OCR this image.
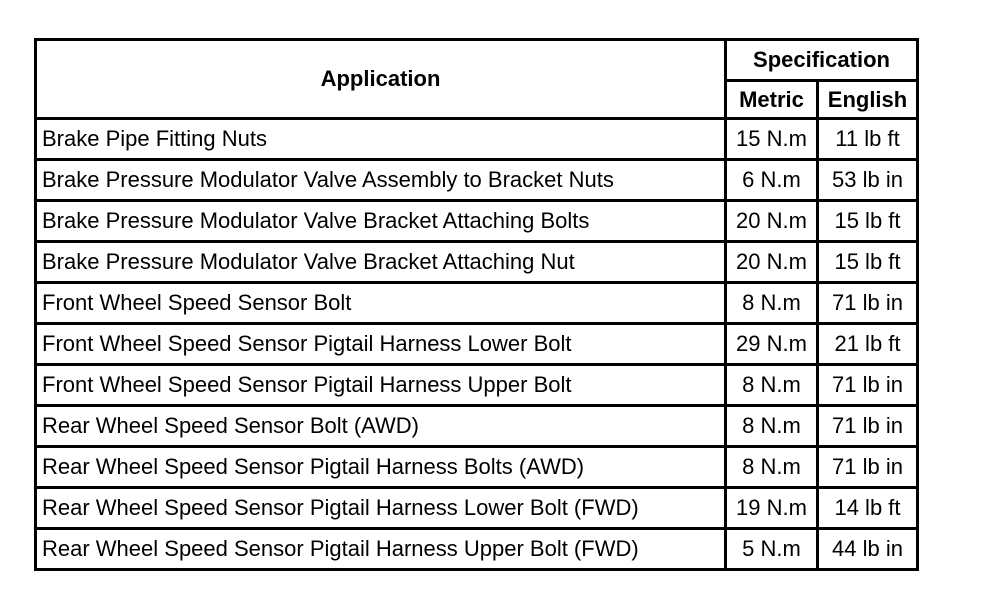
Application	Specification	
	Metric	English
Brake Pipe Fitting Nuts	15 N.m	11 lb ft
Brake Pressure Modulator Valve Assembly to Bracket Nuts	6 N.m	53 lb in
Brake Pressure Modulator Valve Bracket Attaching Bolts	20 N.m	15 lb ft
Brake Pressure Modulator Valve Bracket Attaching Nut	20 N.m	15 lb ft
Front Wheel Speed Sensor Bolt	8 N.m	71 lb in
Front Wheel Speed Sensor Pigtail Harness Lower Bolt	29 N.m	21 lb ft
Front Wheel Speed Sensor Pigtail Harness Upper Bolt	8 N.m	71 lb in
Rear Wheel Speed Sensor Bolt (AWD)	8 N.m	71 lb in
Rear Wheel Speed Sensor Pigtail Harness Bolts (AWD)	8 N.m	71 lb in
Rear Wheel Speed Sensor Pigtail Harness Lower Bolt (FWD)	19 N.m	14 lb ft
Rear Wheel Speed Sensor Pigtail Harness Upper Bolt (FWD)	5 N.m	44 lb in
